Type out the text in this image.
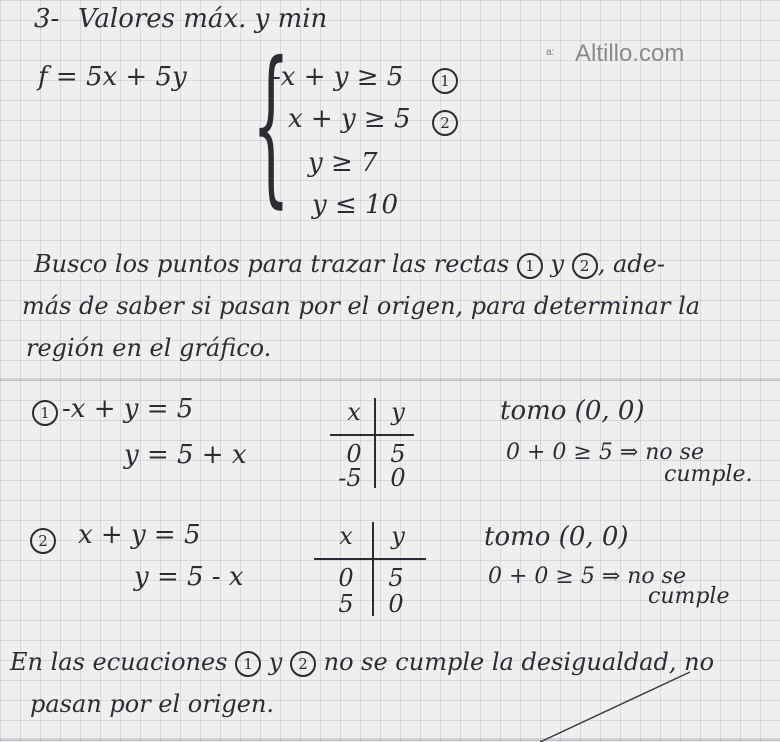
a: Altillo.com
3- Valores máx. y min
f = 5x + 5y {
-x + y ≥ 5	1
x + y ≥ 5	2
y ≥ 7
y ≤ 10
Busco los puntos para trazar las rectas 1 y 2 , ade-
más de saber si pasan por el origen, para determinar la
región en el gráfico.
1 -x + y = 5
y = 5 + x
x	y
0	5
-5	0
tomo (0, 0)
0 + 0 ≥ 5 ⇒ no se
cumple.
2	x + y = 5
y = 5 - x
x	y
0	5
5	0
tomo (0, 0)
0 + 0 ≥ 5 ⇒ no se
cumple
En las ecuaciones 1 y 2 no se cumple la desigualdad, no
pasan por el origen.
